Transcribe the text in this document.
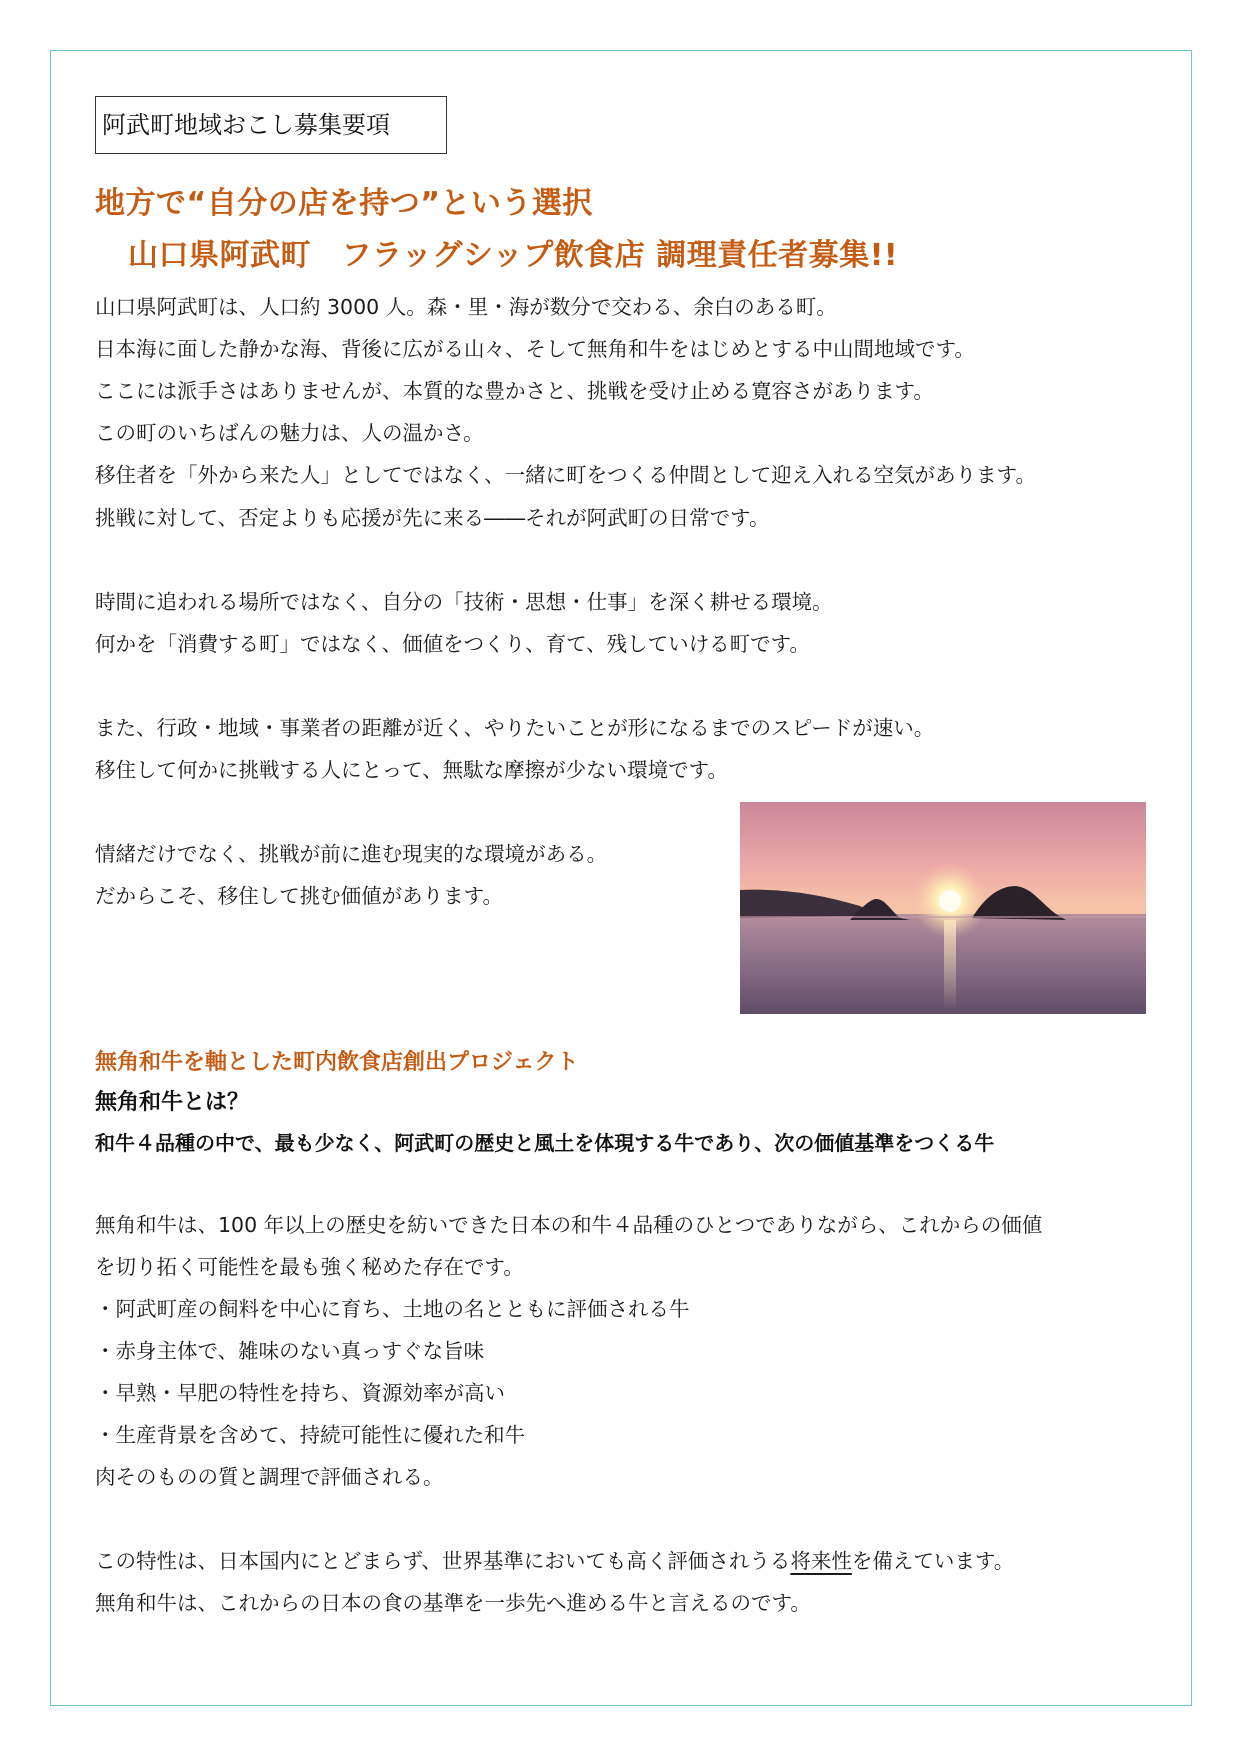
阿武町地域おこし募集要項
地方で“自分の店を持つ”という選択
山口県阿武町　フラッグシップ飲食店 調理責任者募集!!
山口県阿武町は、人口約 3000 人。森・里・海が数分で交わる、余白のある町。
日本海に面した静かな海、背後に広がる山々、そして無角和牛をはじめとする中山間地域です。
ここには派手さはありませんが、本質的な豊かさと、挑戦を受け止める寛容さがあります。
この町のいちばんの魅力は、人の温かさ。
移住者を「外から来た人」としてではなく、一緒に町をつくる仲間として迎え入れる空気があります。
挑戦に対して、否定よりも応援が先に来る――それが阿武町の日常です。
時間に追われる場所ではなく、自分の「技術・思想・仕事」を深く耕せる環境。
何かを「消費する町」ではなく、価値をつくり、育て、残していける町です。
また、行政・地域・事業者の距離が近く、やりたいことが形になるまでのスピードが速い。
移住して何かに挑戦する人にとって、無駄な摩擦が少ない環境です。
情緒だけでなく、挑戦が前に進む現実的な環境がある。
だからこそ、移住して挑む価値があります。
無角和牛を軸とした町内飲食店創出プロジェクト
無角和牛とは？
和牛４品種の中で、最も少なく、阿武町の歴史と風土を体現する牛であり、次の価値基準をつくる牛
無角和牛は、100 年以上の歴史を紡いできた日本の和牛４品種のひとつでありながら、これからの価値
を切り拓く可能性を最も強く秘めた存在です。
・阿武町産の飼料を中心に育ち、土地の名とともに評価される牛
・赤身主体で、雑味のない真っすぐな旨味
・早熟・早肥の特性を持ち、資源効率が高い
・生産背景を含めて、持続可能性に優れた和牛
肉そのものの質と調理で評価される。
この特性は、日本国内にとどまらず、世界基準においても高く評価されうる将来性を備えています。
無角和牛は、これからの日本の食の基準を一歩先へ進める牛と言えるのです。
